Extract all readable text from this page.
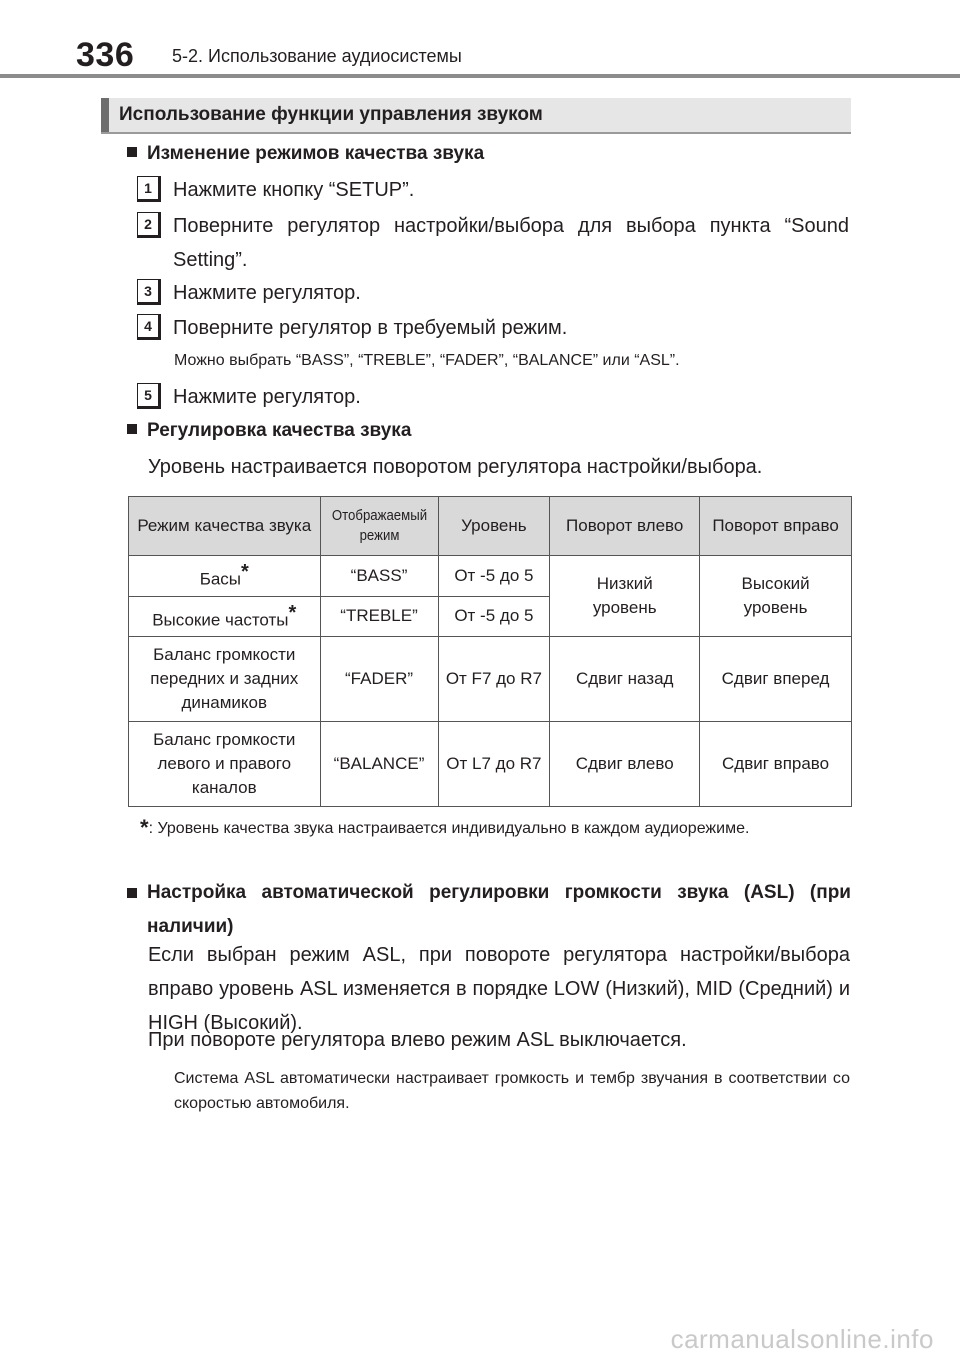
336 5-2. Использование аудиосистемы
Использование функции управления звуком
Изменение режимов качества звука
1	Нажмите кнопку “SETUP”.
2	Поверните регулятор настройки/выбора для выбора пункта “Sound Setting”.
3	Нажмите регулятор.
4	Поверните регулятор в требуемый режим.
Можно выбрать “BASS”, “TREBLE”, “FADER”, “BALANCE” или “ASL”.
5	Нажмите регулятор.
Регулировка качества звука
Уровень настраивается поворотом регулятора настройки/выбора.
Режим качества звука	Отображаемый режим	Уровень	Поворот влево	Поворот вправо
Басы*	“BASS”	От -5 до 5	Низкий уровень	Высокий уровень
Высокие частоты*	“TREBLE”	От -5 до 5		
Баланс громкости передних и задних динамиков	“FADER”	От F7 до R7	Сдвиг назад	Сдвиг вперед
Баланс громкости левого и правого каналов	“BALANCE”	От L7 до R7	Сдвиг влево	Сдвиг вправо
*: Уровень качества звука настраивается индивидуально в каждом аудиорежиме.
Настройка автоматической регулировки громкости звука (ASL) (при наличии)
Если выбран режим ASL, при повороте регулятора настройки/выбора вправо уровень ASL изменяется в порядке LOW (Низкий), MID (Средний) и HIGH (Высокий).
При повороте регулятора влево режим ASL выключается.
Система ASL автоматически настраивает громкость и тембр звучания в соответствии со скоростью автомобиля.
carmanualsonline.info
